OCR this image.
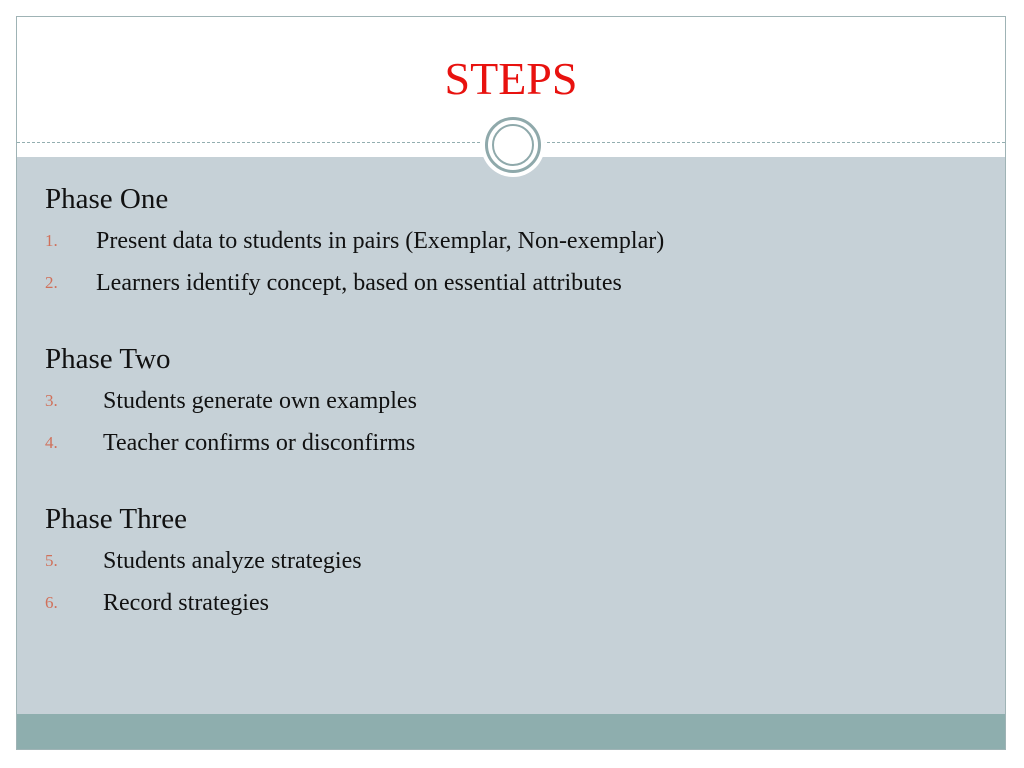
STEPS
Phase One
1. Present data to students in pairs (Exemplar, Non-exemplar)
2. Learners identify concept, based on essential attributes
Phase Two
3. Students generate own examples
4. Teacher confirms or disconfirms
Phase Three
5. Students analyze strategies
6. Record strategies
